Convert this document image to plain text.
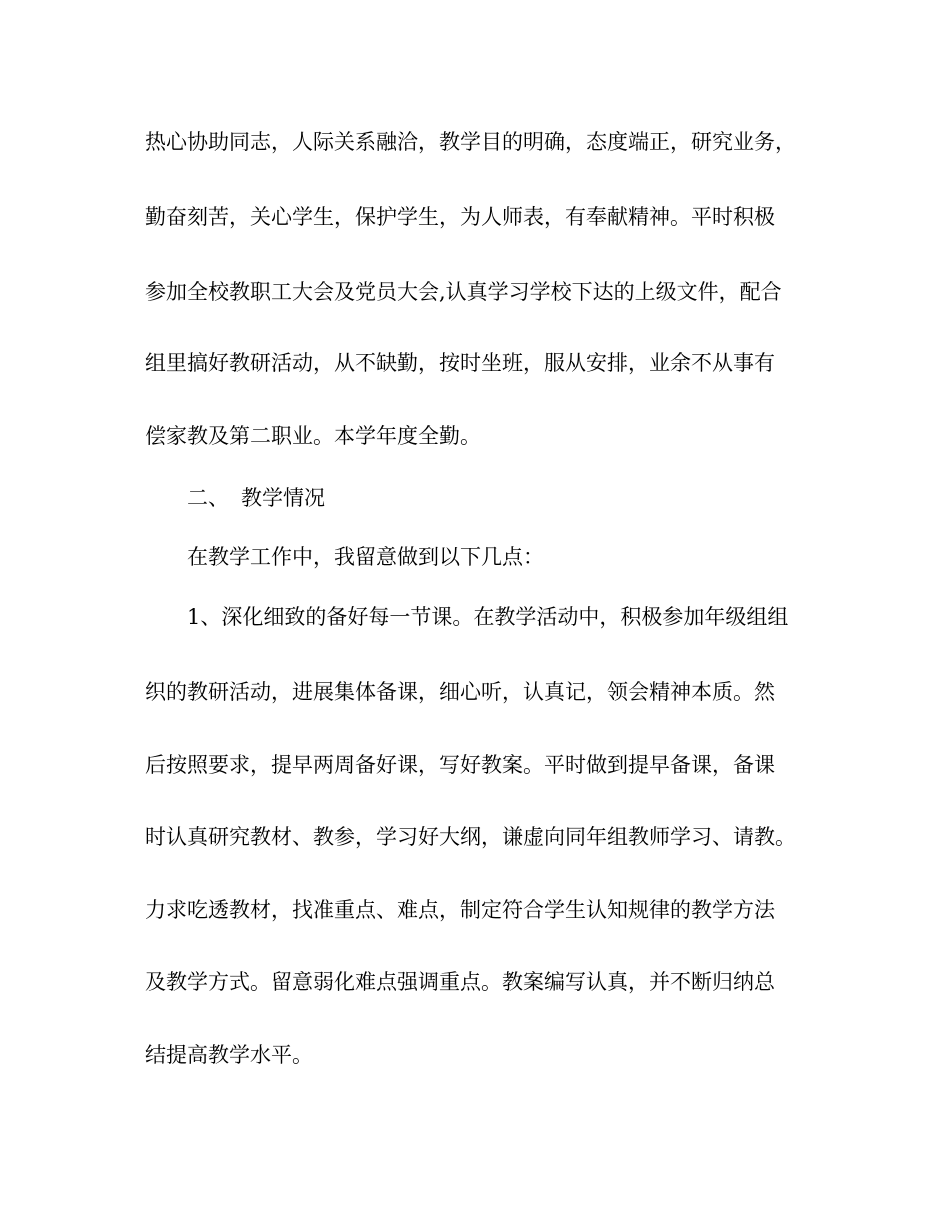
热心协助同志，人际关系融洽，教学目的明确，态度端正，研究业务，
勤奋刻苦，关心学生，保护学生，为人师表，有奉献精神。平时积极
参加全校教职工大会及党员大会,认真学习学校下达的上级文件，配合
组里搞好教研活动，从不缺勤，按时坐班，服从安排，业余不从事有
偿家教及第二职业。本学年度全勤。
二、 教学情况
在教学工作中，我留意做到以下几点：
1、深化细致的备好每一节课。在教学活动中，积极参加年级组组
织的教研活动，进展集体备课，细心听，认真记，领会精神本质。然
后按照要求，提早两周备好课，写好教案。平时做到提早备课，备课
时认真研究教材、教参，学习好大纲，谦虚向同年组教师学习、请教。
力求吃透教材，找准重点、难点，制定符合学生认知规律的教学方法
及教学方式。留意弱化难点强调重点。教案编写认真，并不断归纳总
结提高教学水平。
